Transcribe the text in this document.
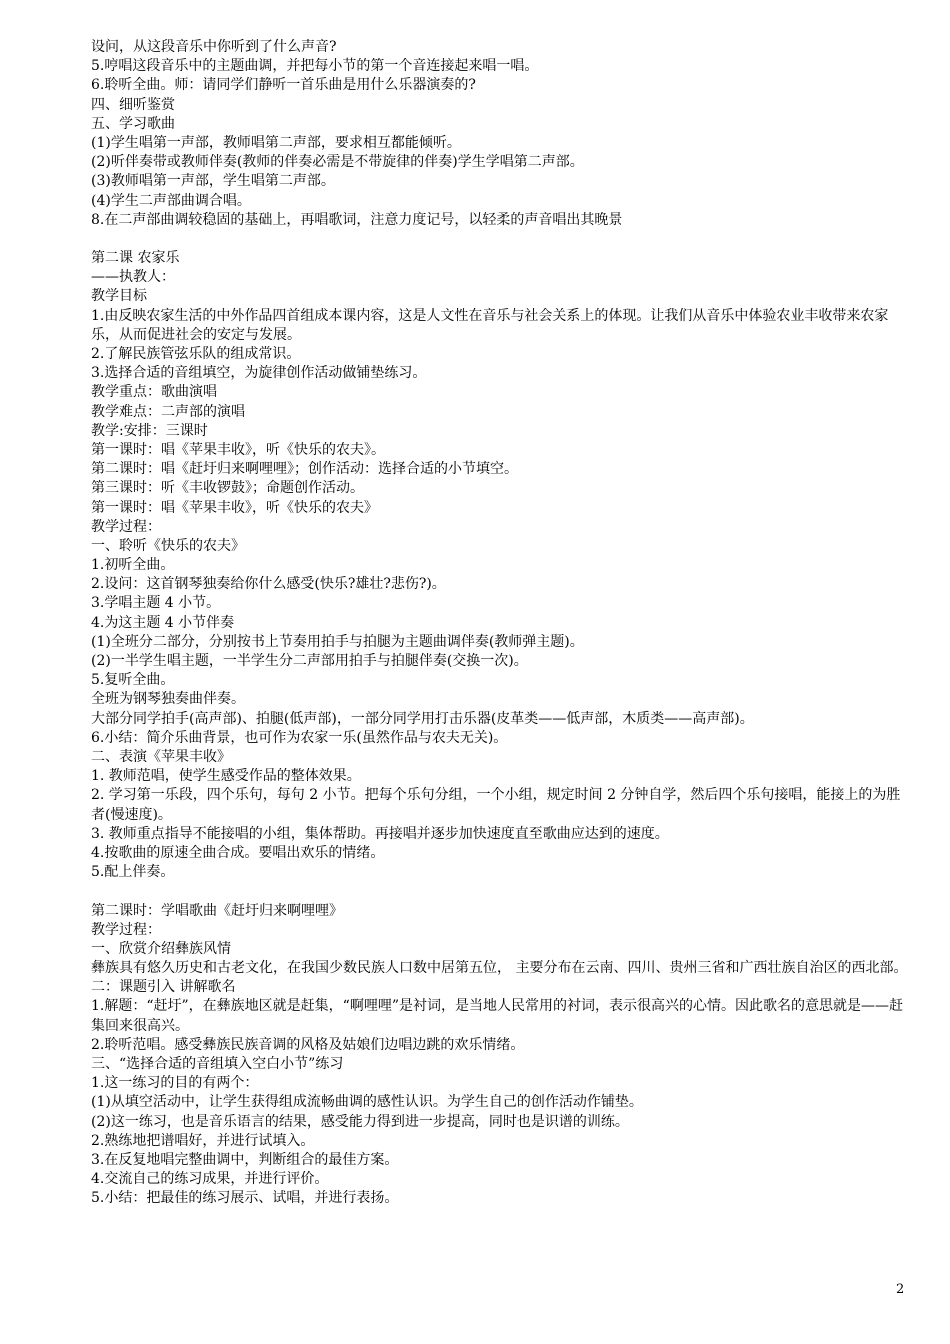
设问，从这段音乐中你听到了什么声音?
5.哼唱这段音乐中的主题曲调，并把每小节的第一个音连接起来唱一唱。
6.聆听全曲。师：请同学们静听一首乐曲是用什么乐器演奏的?
四、细听鉴赏
五、学习歌曲
(1)学生唱第一声部，教师唱第二声部，要求相互都能倾听。
(2)听伴奏带或教师伴奏(教师的伴奏必需是不带旋律的伴奏)学生学唱第二声部。
(3)教师唱第一声部，学生唱第二声部。
(4)学生二声部曲调合唱。
8.在二声部曲调较稳固的基础上，再唱歌词，注意力度记号，以轻柔的声音唱出其晚景
第二课 农家乐
——执教人：
教学目标
1.由反映农家生活的中外作品四首组成本课内容，这是人文性在音乐与社会关系上的体现。让我们从音乐中体验农业丰收带来农家乐，从而促进社会的安定与发展。
2.了解民族管弦乐队的组成常识。
3.选择合适的音组填空，为旋律创作活动做铺垫练习。
教学重点：歌曲演唱
教学难点：二声部的演唱
教学:安排：三课时
第一课时：唱《苹果丰收》，听《快乐的农夫》。
第二课时：唱《赶圩归来啊哩哩》；创作活动：选择合适的小节填空。
第三课时：听《丰收锣鼓》；命题创作活动。
第一课时：唱《苹果丰收》，听《快乐的农夫》
教学过程：
一、聆听《快乐的农夫》
1.初听全曲。
2.设问：这首钢琴独奏给你什么感受(快乐?雄壮?悲伤?)。
3.学唱主题 4 小节。
4.为这主题 4 小节伴奏
(1)全班分二部分，分别按书上节奏用拍手与拍腿为主题曲调伴奏(教师弹主题)。
(2)一半学生唱主题，一半学生分二声部用拍手与拍腿伴奏(交换一次)。
5.复听全曲。
全班为钢琴独奏曲伴奏。
大部分同学拍手(高声部)、拍腿(低声部)，一部分同学用打击乐器(皮革类——低声部，木质类——高声部)。
6.小结：简介乐曲背景，也可作为农家一乐(虽然作品与农夫无关)。
二、表演《苹果丰收》
1. 教师范唱，使学生感受作品的整体效果。
2. 学习第一乐段，四个乐句，每句 2 小节。把每个乐句分组，一个小组，规定时间 2 分钟自学，然后四个乐句接唱，能接上的为胜者(慢速度)。
3. 教师重点指导不能接唱的小组，集体帮助。再接唱并逐步加快速度直至歌曲应达到的速度。
4.按歌曲的原速全曲合成。要唱出欢乐的情绪。
5.配上伴奏。
第二课时：学唱歌曲《赶圩归来啊哩哩》
教学过程：
一、欣赏介绍彝族风情
彝族具有悠久历史和古老文化，在我国少数民族人口数中居第五位， 主要分布在云南、四川、贵州三省和广西壮族自治区的西北部。
二：课题引入 讲解歌名
1.解题：“赶圩”，在彝族地区就是赶集，“啊哩哩”是衬词，是当地人民常用的衬词，表示很高兴的心情。因此歌名的意思就是——赶集回来很高兴。
2.聆听范唱。感受彝族民族音调的风格及姑娘们边唱边跳的欢乐情绪。
三、“选择合适的音组填入空白小节”练习
1.这一练习的目的有两个：
(1)从填空活动中，让学生获得组成流畅曲调的感性认识。为学生自己的创作活动作铺垫。
(2)这一练习，也是音乐语言的结果，感受能力得到进一步提高，同时也是识谱的训练。
2.熟练地把谱唱好，并进行试填入。
3.在反复地唱完整曲调中，判断组合的最佳方案。
4.交流自己的练习成果，并进行评价。
5.小结：把最佳的练习展示、试唱，并进行表扬。
2
